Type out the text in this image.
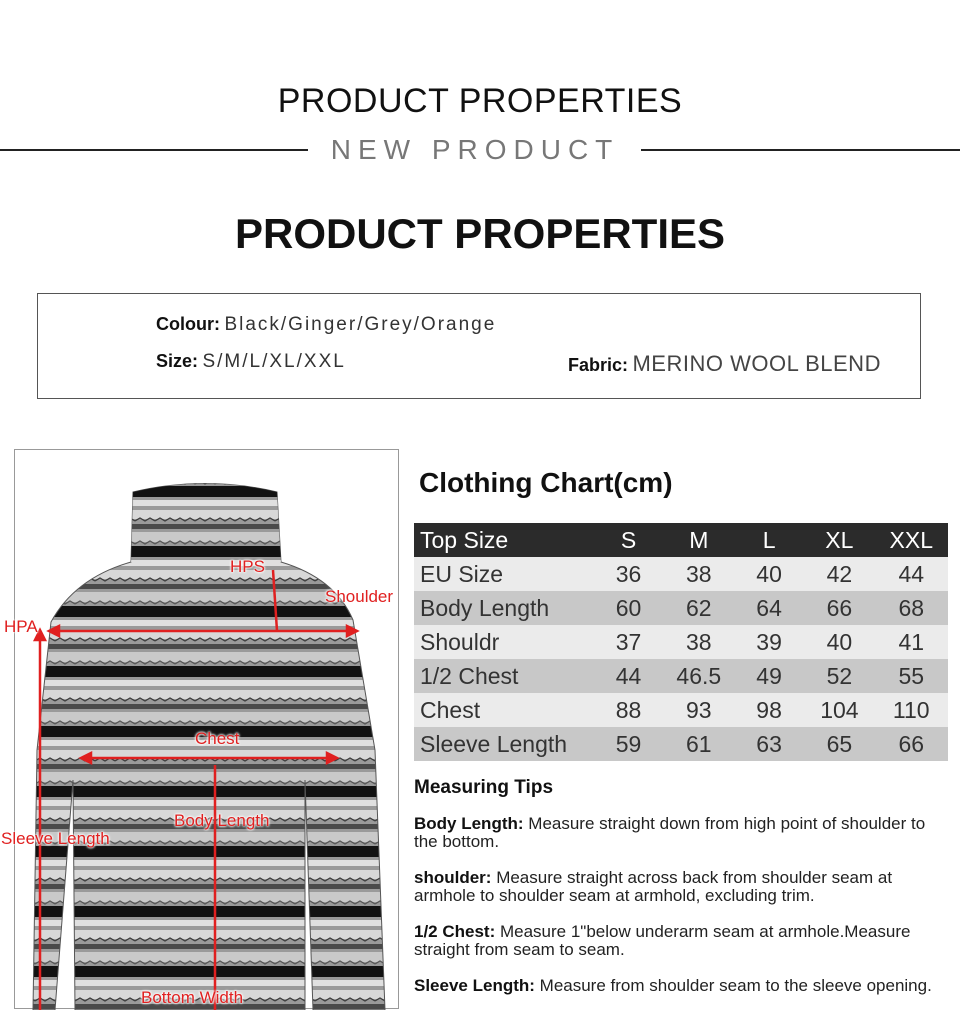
PRODUCT PROPERTIES
NEW PRODUCT
PRODUCT PROPERTIES
Colour: Black/Ginger/Grey/Orange
Size: S/M/L/XL/XXL	Fabric: MERINO WOOL BLEND
HPS
Shoulder
HPA
Chest
Body Length
Sleeve Length
Bottom Width
Clothing Chart(cm)
Top Size	S	M	L	XL	XXL
EU Size	36	38	40	42	44
Body Length	60	62	64	66	68
Shouldr	37	38	39	40	41
1/2 Chest	44	46.5	49	52	55
Chest	88	93	98	104	110
Sleeve Length	59	61	63	65	66
Measuring Tips
Body Length: Measure straight down from high point of shoulder to the bottom.
shoulder: Measure straight across back from shoulder seam at armhole to shoulder seam at armhold, excluding trim.
1/2 Chest: Measure 1"below underarm seam at armhole.Measure straight from seam to seam.
Sleeve Length: Measure from shoulder seam to the sleeve opening.
